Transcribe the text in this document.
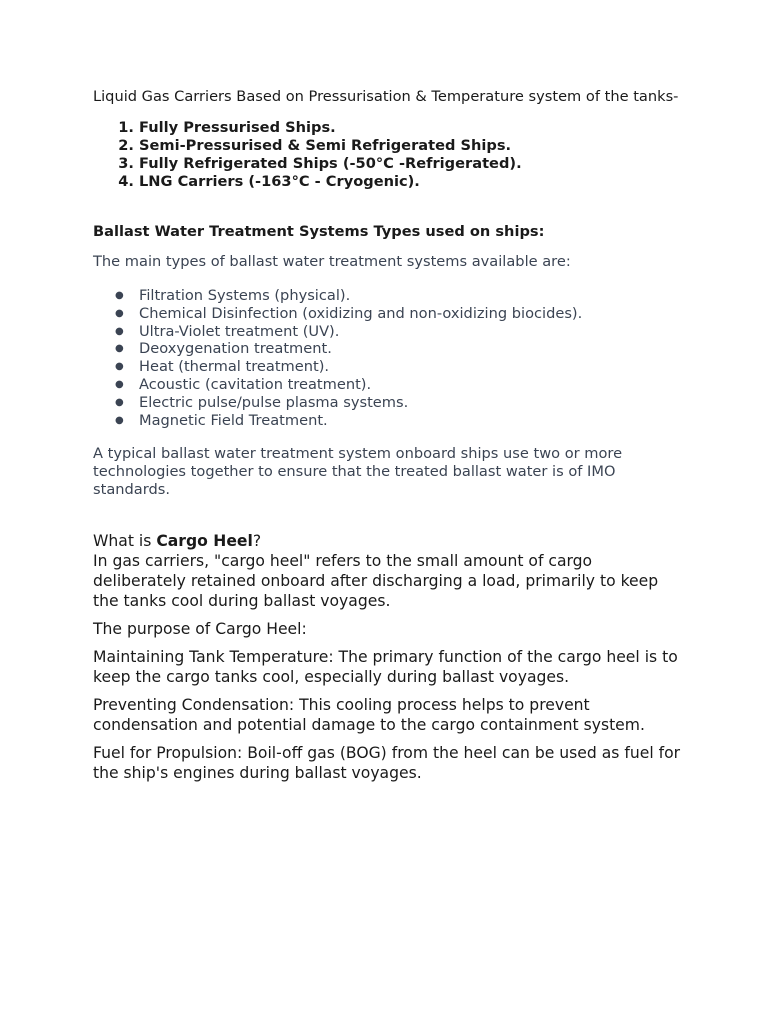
Liquid Gas Carriers Based on Pressurisation & Temperature system of the tanks-

1. Fully Pressurised Ships.
2. Semi-Pressurised & Semi Refrigerated Ships.
3. Fully Refrigerated Ships (-50°C -Refrigerated).
4. LNG Carriers (-163°C - Cryogenic).
Ballast Water Treatment Systems Types used on ships:

The main types of ballast water treatment systems available are:

● Filtration Systems (physical).
● Chemical Disinfection (oxidizing and non-oxidizing biocides).
● Ultra-Violet treatment (UV).
● Deoxygenation treatment.
● Heat (thermal treatment).
● Acoustic (cavitation treatment).
● Electric pulse/pulse plasma systems.
● Magnetic Field Treatment.

A typical ballast water treatment system onboard ships use two or more technologies together to ensure that the treated ballast water is of IMO standards.

What is Cargo Heel?

In gas carriers, "cargo heel" refers to the small amount of cargo deliberately retained onboard after discharging a load, primarily to keep the tanks cool during ballast voyages.

The purpose of Cargo Heel:

Maintaining Tank Temperature: The primary function of the cargo heel is to keep the cargo tanks cool, especially during ballast voyages.

Preventing Condensation: This cooling process helps to prevent condensation and potential damage to the cargo containment system.

Fuel for Propulsion: Boil-off gas (BOG) from the heel can be used as fuel for the ship's engines during ballast voyages.
